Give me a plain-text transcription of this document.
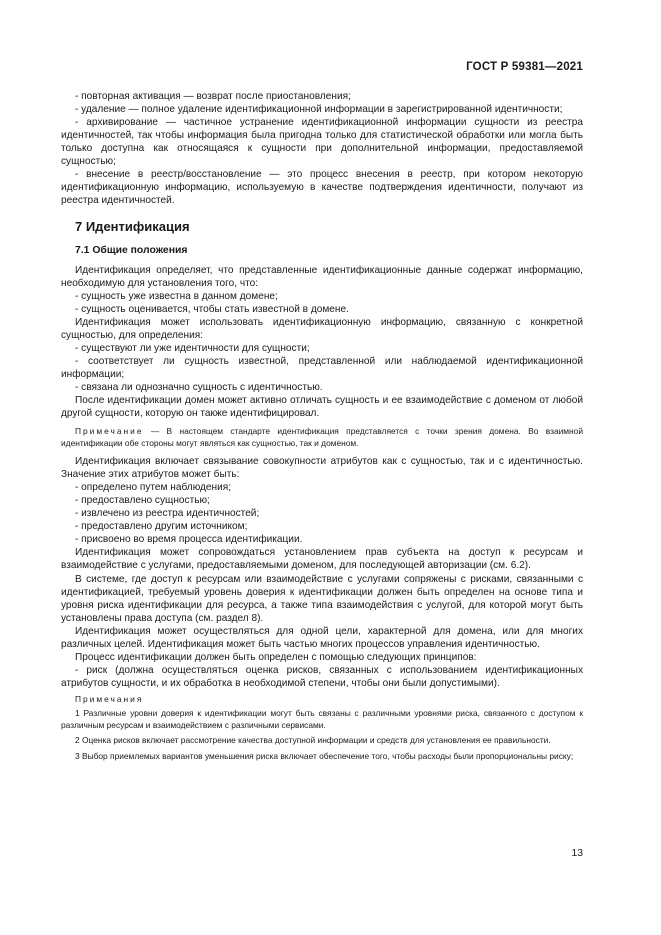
ГОСТ Р 59381—2021

- повторная активация — возврат после приостановления;

- удаление — полное удаление идентификационной информации в зарегистрированной идентичности;

- архивирование — частичное устранение идентификационной информации сущности из реестра идентичностей, так чтобы информация была пригодна только для статистической обработки или могла быть только доступна как относящаяся к сущности при дополнительной информации, предоставляемой сущностью;

- внесение в реестр/восстановление — это процесс внесения в реестр, при котором некоторую идентификационную информацию, используемую в качестве подтверждения идентичности, получают из реестра идентичностей.

7 Идентификация
7.1 Общие положения

Идентификация определяет, что представленные идентификационные данные содержат информацию, необходимую для установления того, что:

- сущность уже известна в данном домене;

- сущность оценивается, чтобы стать известной в домене.

Идентификация может использовать идентификационную информацию, связанную с конкретной сущностью, для определения:

- существуют ли уже идентичности для сущности;

- соответствует ли сущность известной, представленной или наблюдаемой идентификационной информации;

- связана ли однозначно сущность с идентичностью.

После идентификации домен может активно отличать сущность и ее взаимодействие с доменом от любой другой сущности, которую он также идентифицировал.

Примечание — В настоящем стандарте идентификация представляется с точки зрения домена. Во взаимной идентификации обе стороны могут являться как сущностью, так и доменом.

Идентификация включает связывание совокупности атрибутов как с сущностью, так и с идентичностью. Значение этих атрибутов может быть:

- определено путем наблюдения;

- предоставлено сущностью;

- извлечено из реестра идентичностей;

- предоставлено другим источником;

- присвоено во время процесса идентификации.

Идентификация может сопровождаться установлением прав субъекта на доступ к ресурсам и взаимодействие с услугами, предоставляемыми доменом, для последующей авторизации (см. 6.2).

В системе, где доступ к ресурсам или взаимодействие с услугами сопряжены с рисками, связанными с идентификацией, требуемый уровень доверия к идентификации должен быть определен на основе типа и уровня риска идентификации для ресурса, а также типа взаимодействия с услугой, для которой могут быть установлены права доступа (см. раздел 8).

Идентификация может осуществляться для одной цели, характерной для домена, или для многих различных целей. Идентификация может быть частью многих процессов управления идентичностью.

Процесс идентификации должен быть определен с помощью следующих принципов:

- риск (должна осуществляться оценка рисков, связанных с использованием идентификационных атрибутов сущности, и их обработка в необходимой степени, чтобы они были допустимыми).

Примечания

1 Различные уровни доверия к идентификации могут быть связаны с различными уровнями риска, связанного с доступом к различным ресурсам и взаимодействием с различными сервисами.

2 Оценка рисков включает рассмотрение качества доступной информации и средств для установления ее правильности.

3 Выбор приемлемых вариантов уменьшения риска включает обеспечение того, чтобы расходы были пропорциональны риску;

13
